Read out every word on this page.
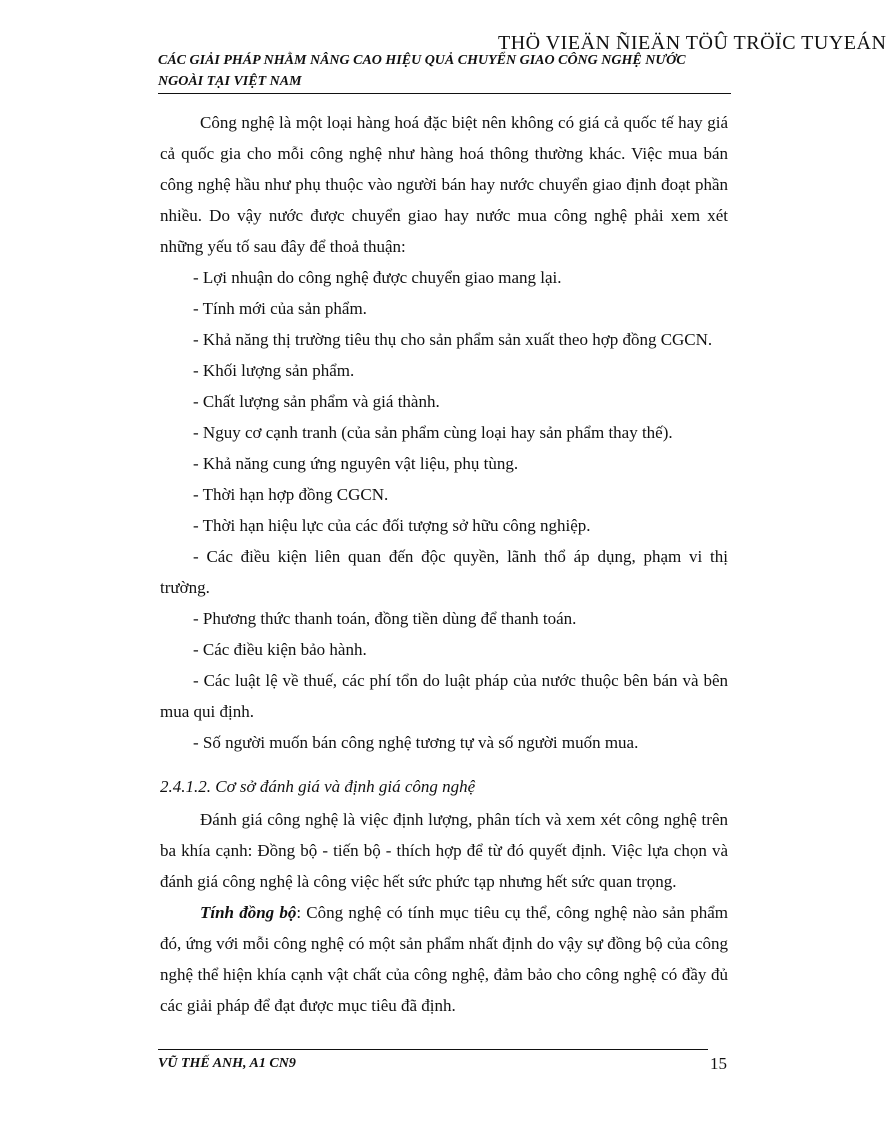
THÖ VIEÄN ÑIEÄN TÖÛ TRÖÏC TUYEÁN
CÁC GIẢI PHÁP NHẰM NÂNG CAO HIỆU QUẢ CHUYỂN GIAO CÔNG NGHỆ NƯỚC
NGOÀI TẠI VIỆT NAM

Công nghệ là một loại hàng hoá đặc biệt nên không có giá cả quốc tế hay giá cả quốc gia cho mỗi công nghệ như hàng hoá thông thường khác. Việc mua bán công nghệ hầu như phụ thuộc vào người bán hay nước chuyển giao định đoạt phần nhiều. Do vậy nước được chuyển giao hay nước mua công nghệ phải xem xét những yếu tố sau đây để thoả thuận:

- Lợi nhuận do công nghệ được chuyển giao mang lại.

- Tính mới của sản phẩm.

- Khả năng thị trường tiêu thụ cho sản phẩm sản xuất theo hợp đồng CGCN.

- Khối lượng sản phẩm.

- Chất lượng sản phẩm và giá thành.

- Nguy cơ cạnh tranh (của sản phẩm cùng loại hay sản phẩm thay thế).

- Khả năng cung ứng nguyên vật liệu, phụ tùng.

- Thời hạn hợp đồng CGCN.

- Thời hạn hiệu lực của các đối tượng sở hữu công nghiệp.

- Các điều kiện liên quan đến độc quyền, lãnh thổ áp dụng, phạm vi thị trường.

- Phương thức thanh toán, đồng tiền dùng để thanh toán.

- Các điều kiện bảo hành.

- Các luật lệ về thuế, các phí tổn do luật pháp của nước thuộc bên bán và bên mua qui định.

- Số người muốn bán công nghệ tương tự và số người muốn mua.

2.4.1.2. Cơ sở đánh giá và định giá công nghệ

Đánh giá công nghệ là việc định lượng, phân tích và xem xét công nghệ trên ba khía cạnh: Đồng bộ - tiến bộ - thích hợp để từ đó quyết định. Việc lựa chọn và đánh giá công nghệ là công việc hết sức phức tạp nhưng hết sức quan trọng.

Tính đồng bộ: Công nghệ có tính mục tiêu cụ thể, công nghệ nào sản phẩm đó, ứng với mỗi công nghệ có một sản phẩm nhất định do vậy sự đồng bộ của công nghệ thể hiện khía cạnh vật chất của công nghệ, đảm bảo cho công nghệ có đầy đủ các giải pháp để đạt được mục tiêu đã định.

VŨ THẾ ANH, A1 CN9	15
